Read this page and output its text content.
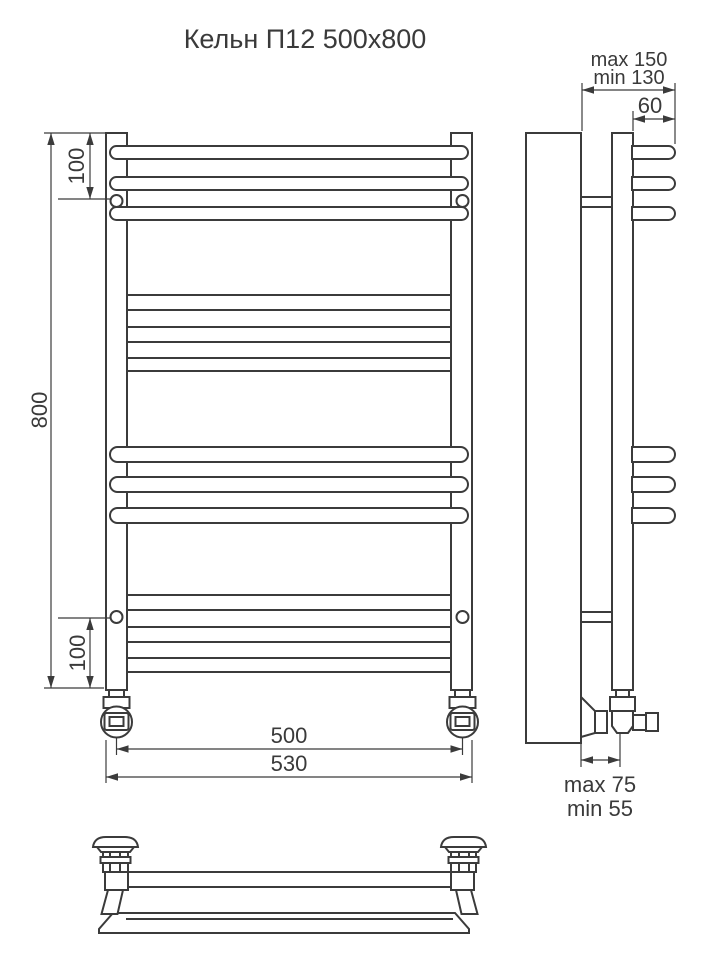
Кельн П12 500x800
800
100
100
500
530
max 150
min 130
60
max 75
min 55
